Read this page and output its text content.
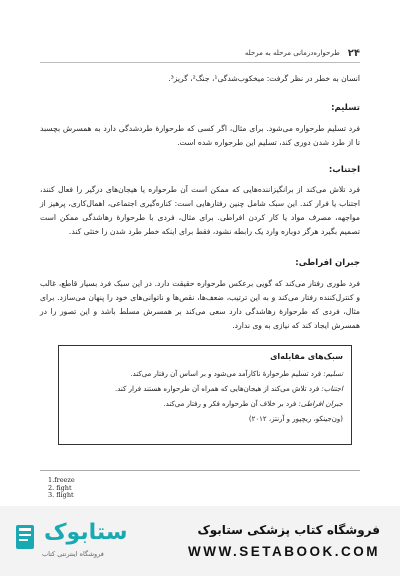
۲۴
طرحواره‌درمانی مرحله به مرحله
انسان به خطر در نظر گرفت: میخکوب‌شدگی¹، جنگ²، گریز³.
تسلیم:
فرد تسلیم طرحواره می‌شود. برای مثال، اگر کسی که طرحوارۀ طردشدگی دارد به همسرش بچسبد تا از طرد شدن دوری کند، تسلیم این طرحواره شده است.
اجتناب:
فرد تلاش می‌کند از برانگیزاننده‌هایی که ممکن است آن طرحواره یا هیجان‌های درگیر را فعال کنند، اجتناب یا فرار کند. این سبک شامل چنین رفتارهایی است: کناره‌گیری اجتماعی، اهمال‌کاری، پرهیز از مواجهه، مصرف مواد یا کار کردن افراطی. برای مثال، فردی با طرحوارۀ رهاشدگی ممکن است تصمیم بگیرد هرگز دوباره وارد یک رابطه نشود، فقط برای اینکه خطر طرد شدن را ختثی کند.
جبران افراطی:
فرد طوری رفتار می‌کند که گویی برعکس طرحواره حقیقت دارد. در این سبک فرد بسیار قاطع، غالب و کنترل‌کننده رفتار می‌کند و به این ترتیب، ضعف‌ها، نقص‌ها و ناتوانی‌های خود را پنهان می‌سازد. برای مثال، فردی که طرحوارۀ رهاشدگی دارد سعی می‌کند بر همسرش مسلط باشد و این تصور را در همسرش ایجاد کند که نیازی به وی ندارد.
سبک‌های مقابله‌ای
تسلیم: فرد تسلیم طرحوارۀ ناکارآمد می‌شود و بر اساس آن رفتار می‌کند.
اجتناب: فرد تلاش می‌کند از هیجان‌هایی که همراه آن طرحواره هستند فرار کند.
جبران افراطی: فرد بر خلاف آن طرحواره فکر و رفتار می‌کند.
(ون‌جینکو، ریچپور و آرنتز، ۲۰۱۲)
1.freeze
2. fight
3. flight
ستابوک
فروشگاه اینترنتی کتاب
فروشگاه کتاب پزشکی ستابوک
WWW.SETABOOK.COM
